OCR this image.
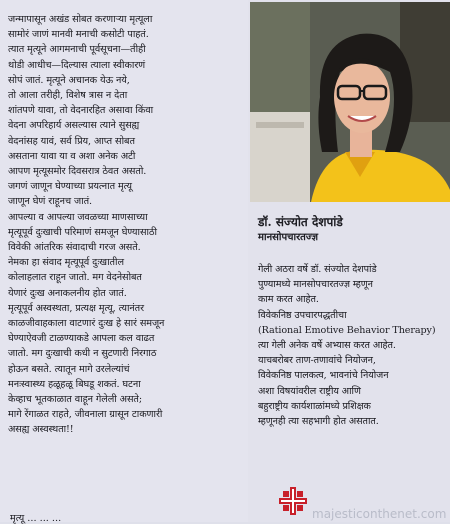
जन्मापासून अखंड सोबत करणाऱ्या मृत्यूला
सामोरं जाणं मानवी मनाची कसोटी पाहतं.
त्यात मृत्यूने आगमनाची पूर्वसूचना—तीही
थोडी आधीच—दिल्यास त्याला स्वीकारणं
सोपं जातं. मृत्यूने अचानक येऊ नये,
तो आला तरीही, विशेष त्रास न देता
शांतपणे यावा, तो वेदनारहित असावा किंवा
वेदना अपरिहार्य असल्यास त्याने सुसह्य
वेदनांसह यावं, सर्व प्रिय, आप्त सोबत
असताना यावा या व अशा अनेक अटी
आपण मृत्यूसमोर दिवसरात्र ठेवत असतो.
जगणं जाणून घेण्याच्या प्रयत्नात मृत्यू
जाणून घेणं राहूनच जातं.
आपल्या व आपल्या जवळच्या माणसाच्या
मृत्यूपूर्व दुःखाची परिमाणं समजून घेण्यासाठी
विवेकी आंतरिक संवादाची गरज असते.
नेमका हा संवाद मृत्यूपूर्व दुःखातील
कोलाहलात राहून जातो. मग वेदनेसोबत
येणारं दुःख अनाकलनीय होत जातं.
मृत्यूपूर्व अस्वस्थता, प्रत्यक्ष मृत्यू, त्यानंतर
काळजीवाहकाला वाटणारं दुःख हे सारं समजून
घेण्याऐवजी टाळण्याकडे आपला कल वाढत
जातो. मग दुःखाची कधी न सुटणारी निरगाठ
होऊन बसते. त्यातून मागे उरलेल्यांचं
मनःस्वास्थ्य हळूहळू बिघडू शकतं. घटना
केव्हाच भूतकाळात वाहून गेलेली असते;
मागे रेंगाळत राहते, जीवनाला ग्रासून टाकणारी
असह्य अस्वस्थता!!
डॉ. संज्योत देशपांडे
मानसोपचारतज्ज्ञ
गेली अठरा वर्षे डॉ. संज्योत देशपांडे
पुण्यामध्ये मानसोपचारतज्ज्ञ म्हणून
काम करत आहेत.
विवेकनिष्ठ उपचारपद्धतीचा
(Rational Emotive Behavior Therapy)
त्या गेली अनेक वर्षे अभ्यास करत आहेत.
याचबरोबर ताण-तणावांचे नियोजन,
विवेकनिष्ठ पालकत्व, भावनांचे नियोजन
अशा विषयांवरील राष्ट्रीय आणि
बहुराष्ट्रीय कार्यशाळांमध्ये प्रशिक्षक
म्हणूनही त्या सहभागी होत असतात.
majesticonthenet.com
मृत्यू ... ... ...
